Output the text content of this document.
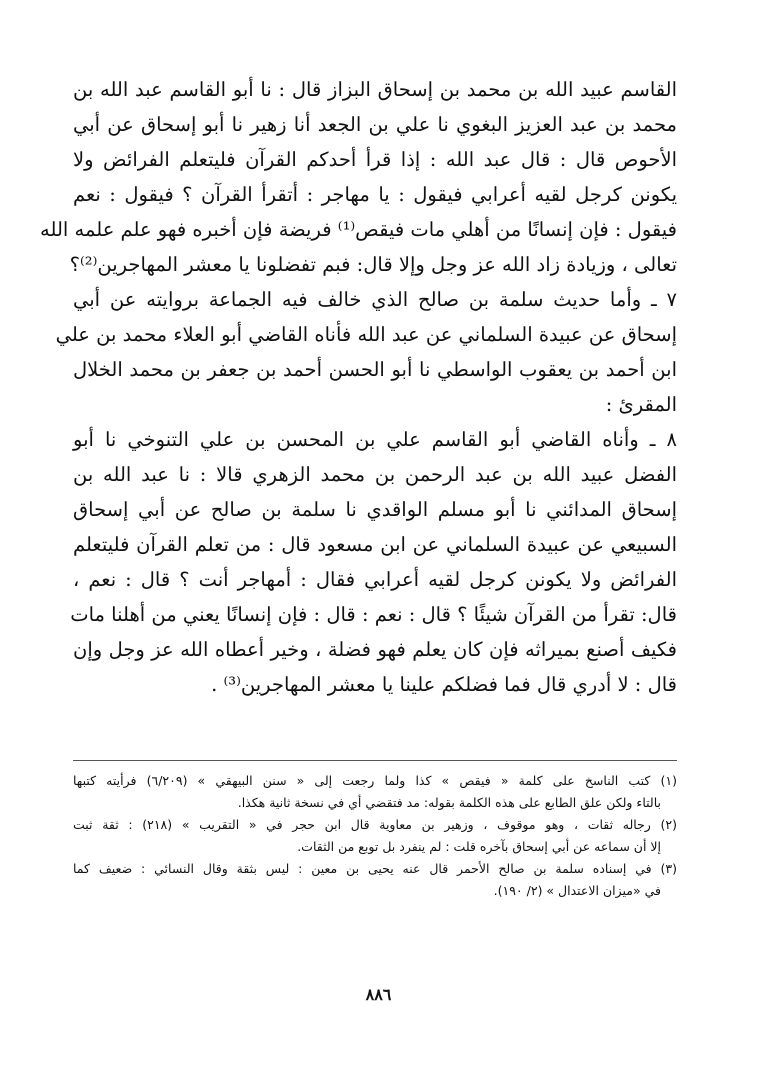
القاسم عبيد الله بن محمد بن إسحاق البزاز قال : نا أبو القاسم عبد الله بن
محمد بن عبد العزيز البغوي نا علي بن الجعد أنا زهير نا أبو إسحاق عن أبي
الأحوص قال : قال عبد الله : إذا قرأ أحدكم القرآن فليتعلم الفرائض ولا
يكونن كرجل لقيه أعرابي فيقول : يا مهاجر : أتقرأ القرآن ؟ فيقول : نعم
فيقول : فإن إنسانًا من أهلي مات فيقص⁽¹⁾ فريضة فإن أخبره فهو علم علمه الله
تعالى ، وزيادة زاد الله عز وجل وإلا قال: فبم تفضلونا يا معشر المهاجرين⁽²⁾؟
٧ ـ وأما حديث سلمة بن صالح الذي خالف فيه الجماعة بروايته عن أبي
إسحاق عن عبيدة السلماني عن عبد الله فأناه القاضي أبو العلاء محمد بن علي
ابن أحمد بن يعقوب الواسطي نا أبو الحسن أحمد بن جعفر بن محمد الخلال
المقرئ :
٨ ـ وأناه القاضي أبو القاسم علي بن المحسن بن علي التنوخي نا أبو
الفضل عبيد الله بن عبد الرحمن بن محمد الزهري قالا : نا عبد الله بن
إسحاق المدائني نا أبو مسلم الواقدي نا سلمة بن صالح عن أبي إسحاق
السبيعي عن عبيدة السلماني عن ابن مسعود قال : من تعلم القرآن فليتعلم
الفرائض ولا يكونن كرجل لقيه أعرابي فقال : أمهاجر أنت ؟ قال : نعم ،
قال: تقرأ من القرآن شيئًا ؟ قال : نعم : قال : فإن إنسانًا يعني من أهلنا مات
فكيف أصنع بميراثه فإن كان يعلم فهو فضلة ، وخير أعطاه الله عز وجل وإن
قال : لا أدري قال فما فضلكم علينا يا معشر المهاجرين⁽³⁾ .
(١) كتب الناسخ على كلمة « فيقص » كذا ولما رجعت إلى « سنن البيهقي » (٦/٢٠٩) فرأيته كتبها
بالتاء ولكن علق الطابع على هذه الكلمة بقوله: مد فتقضي أي في نسخة ثانية هكذا.
(٢) رجاله ثقات ، وهو موقوف ، وزهير بن معاوية قال ابن حجر في « التقريب » (٢١٨) : ثقة ثبت
إلا أن سماعه عن أبي إسحاق بآخره قلت : لم ينفرد بل توبع من الثقات.
(٣) في إسناده سلمة بن صالح الأحمر قال عنه يحيى بن معين : ليس بثقة وقال النسائي : ضعيف كما
في «ميزان الاعتدال » (٢/ ١٩٠).
٨٨٦
